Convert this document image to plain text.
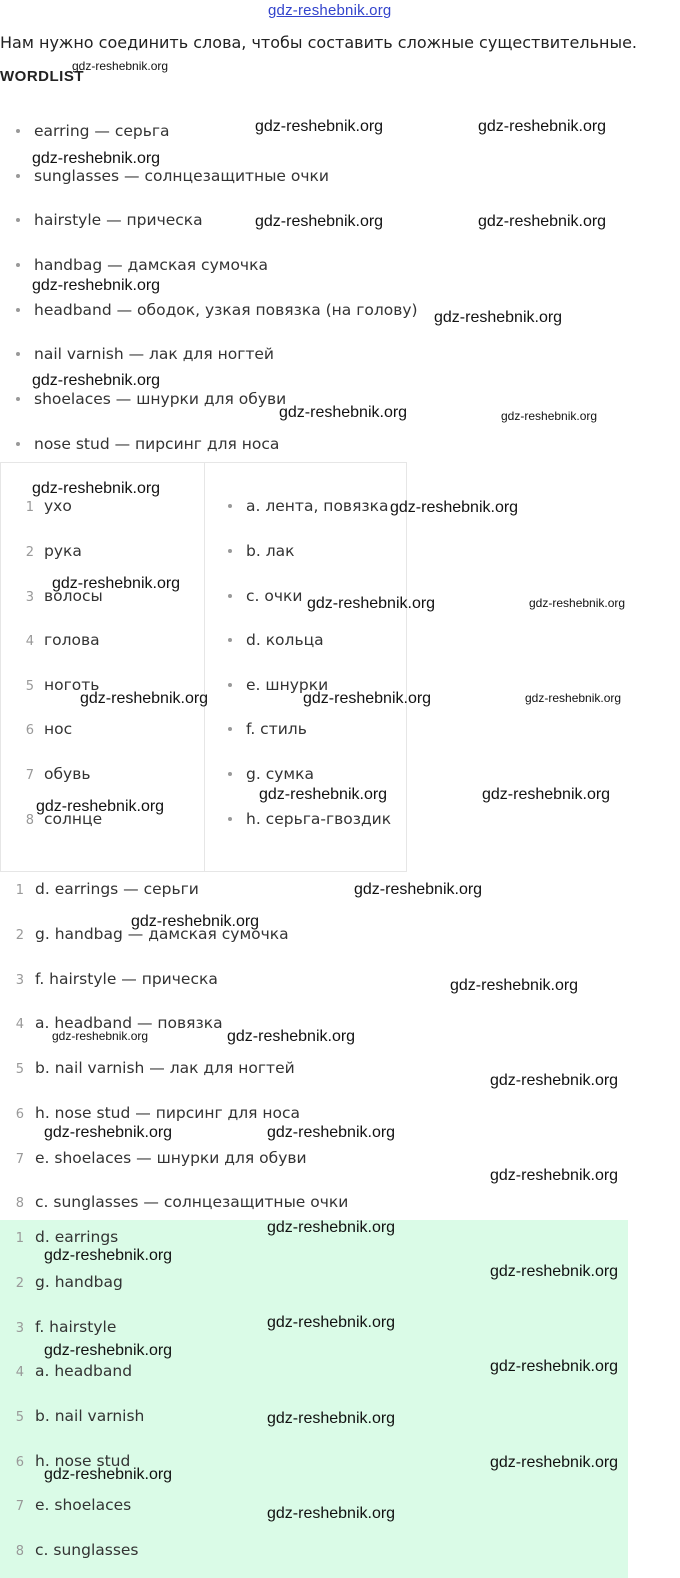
gdz-reshebnik.org
Нам нужно соединить слова, чтобы составить сложные существительные.
WORDLIST
earring — серьга
sunglasses — солнцезащитные очки
hairstyle — прическа
handbag — дамская сумочка
headband — ободок, узкая повязка (на голову)
nail varnish — лак для ногтей
shoelaces — шнурки для обуви
nose stud — пирсинг для носа
1 ухо
2 рука
3 волосы
4 голова
5 ноготь
6 нос
7 обувь
8 солнце
a. лента, повязка
b. лак
c. очки
d. кольца
e. шнурки
f. стиль
g. сумка
h. серьга-гвоздик
1 d. earrings — серьги
2 g. handbag — дамская сумочка
3 f. hairstyle — прическа
4 a. headband — повязка
5 b. nail varnish — лак для ногтей
6 h. nose stud — пирсинг для носа
7 e. shoelaces — шнурки для обуви
8 c. sunglasses — солнцезащитные очки
1 d. earrings
2 g. handbag
3 f. hairstyle
4 a. headband
5 b. nail varnish
6 h. nose stud
7 e. shoelaces
8 c. sunglasses
gdz-reshebnik.org
gdz-reshebnik.org	gdz-reshebnik.org
gdz-reshebnik.org
gdz-reshebnik.org	gdz-reshebnik.org
gdz-reshebnik.org
gdz-reshebnik.org
gdz-reshebnik.org
gdz-reshebnik.org	gdz-reshebnik.org
gdz-reshebnik.org
gdz-reshebnik.org
gdz-reshebnik.org
gdz-reshebnik.org	gdz-reshebnik.org
gdz-reshebnik.org	gdz-reshebnik.org	gdz-reshebnik.org
gdz-reshebnik.org	gdz-reshebnik.org
gdz-reshebnik.org
gdz-reshebnik.org
gdz-reshebnik.org
gdz-reshebnik.org
gdz-reshebnik.org	gdz-reshebnik.org
gdz-reshebnik.org
gdz-reshebnik.org	gdz-reshebnik.org
gdz-reshebnik.org
gdz-reshebnik.org
gdz-reshebnik.org
gdz-reshebnik.org
gdz-reshebnik.org
gdz-reshebnik.org
gdz-reshebnik.org
gdz-reshebnik.org
gdz-reshebnik.org
gdz-reshebnik.org
gdz-reshebnik.org
